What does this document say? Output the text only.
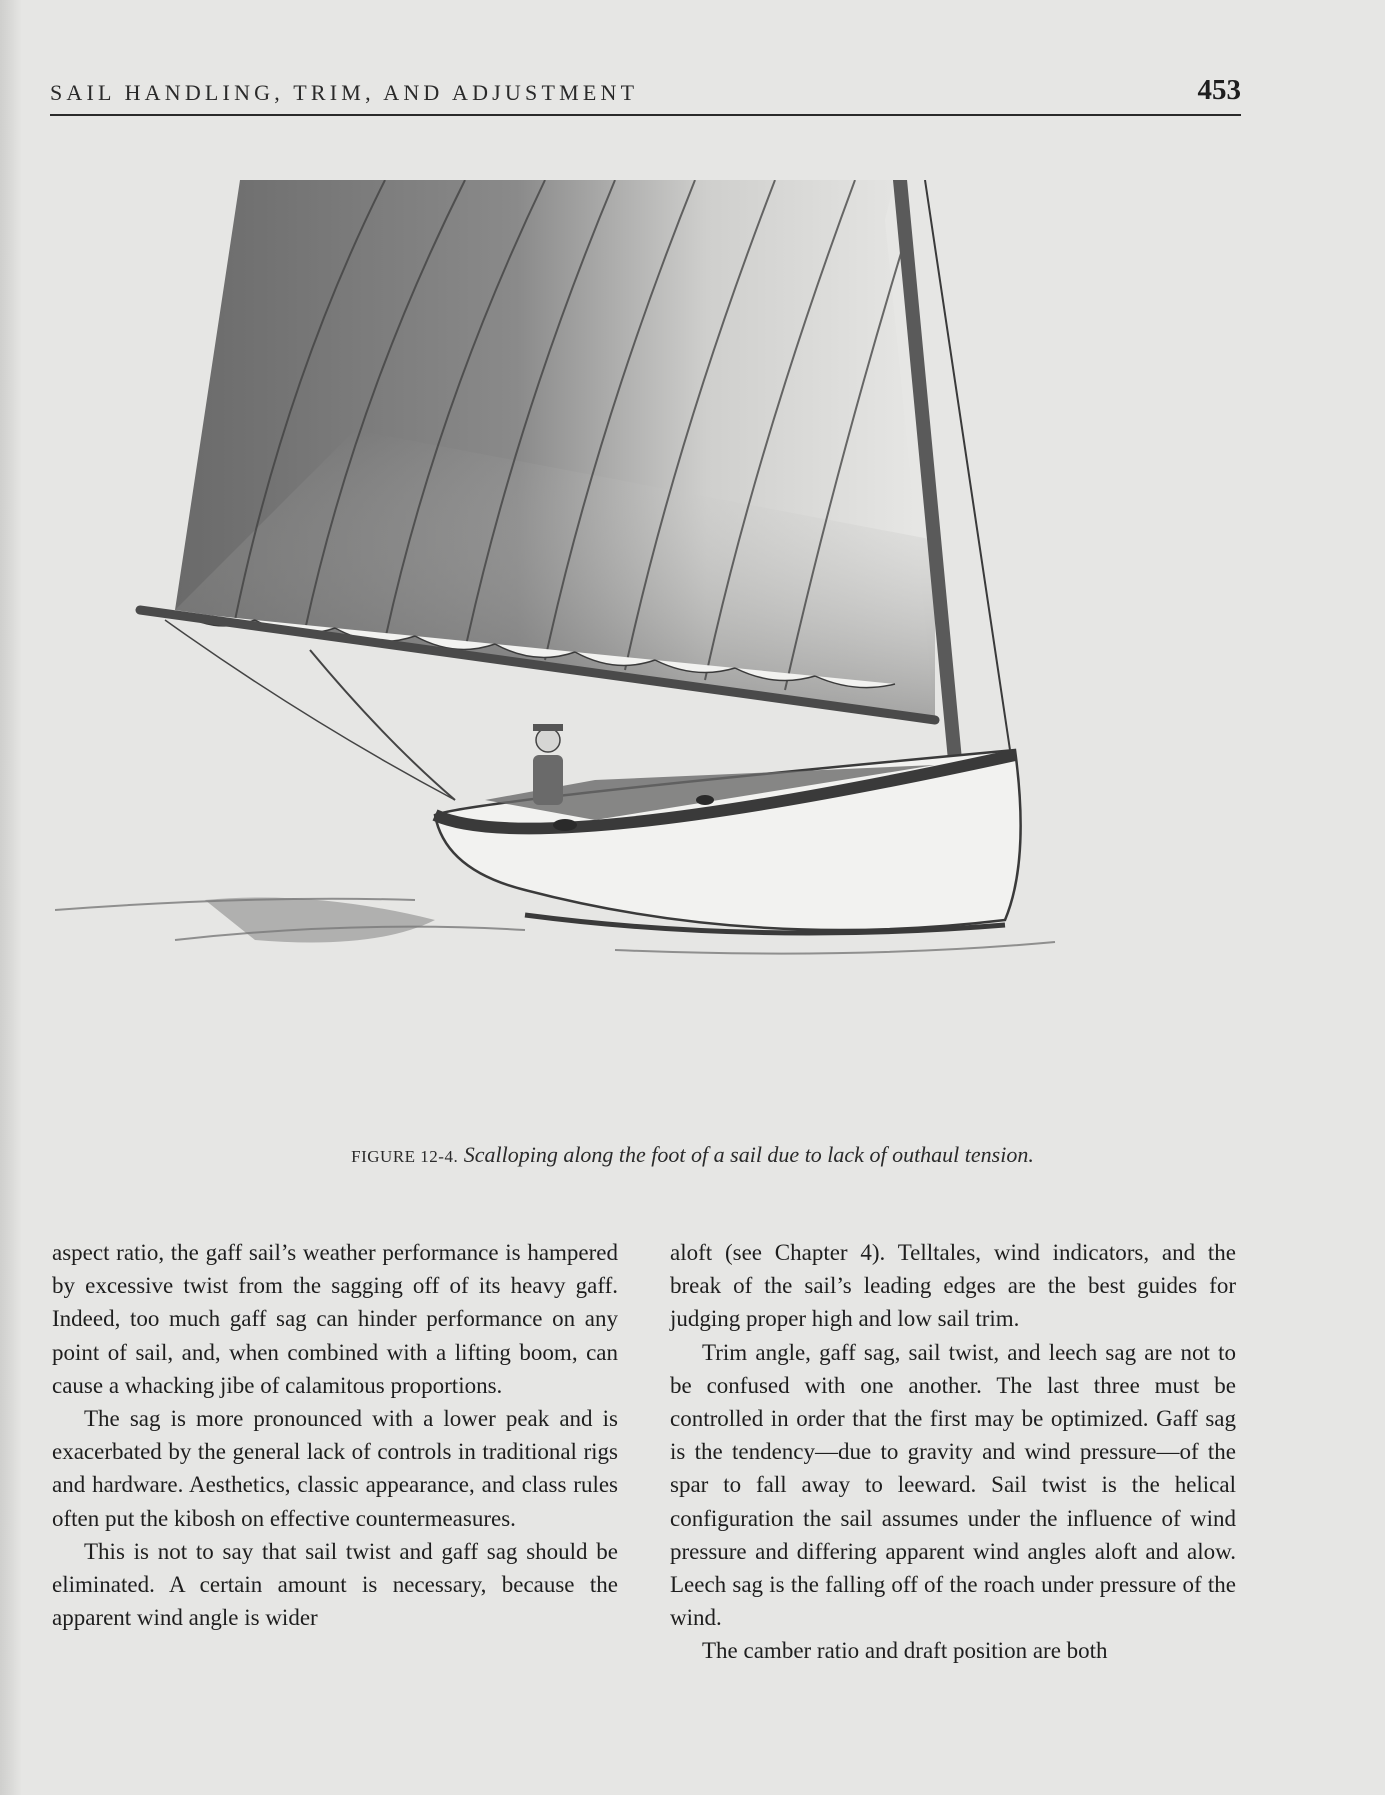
SAIL HANDLING, TRIM, AND ADJUSTMENT	453
FIGURE 12-4. Scalloping along the foot of a sail due to lack of outhaul tension.

aspect ratio, the gaff sail’s weather performance is hampered by excessive twist from the sagging off of its heavy gaff. Indeed, too much gaff sag can hinder performance on any point of sail, and, when combined with a lifting boom, can cause a whacking jibe of calamitous proportions.

The sag is more pronounced with a lower peak and is exacerbated by the general lack of controls in traditional rigs and hardware. Aesthetics, classic appearance, and class rules often put the kibosh on effective countermeasures.

This is not to say that sail twist and gaff sag should be eliminated. A certain amount is necessary, because the apparent wind angle is wider

aloft (see Chapter 4). Telltales, wind indicators, and the break of the sail’s leading edges are the best guides for judging proper high and low sail trim.

Trim angle, gaff sag, sail twist, and leech sag are not to be confused with one another. The last three must be controlled in order that the first may be optimized. Gaff sag is the tendency—due to gravity and wind pressure—of the spar to fall away to leeward. Sail twist is the helical configuration the sail assumes under the influence of wind pressure and differing apparent wind angles aloft and alow. Leech sag is the falling off of the roach under pressure of the wind.

The camber ratio and draft position are both
